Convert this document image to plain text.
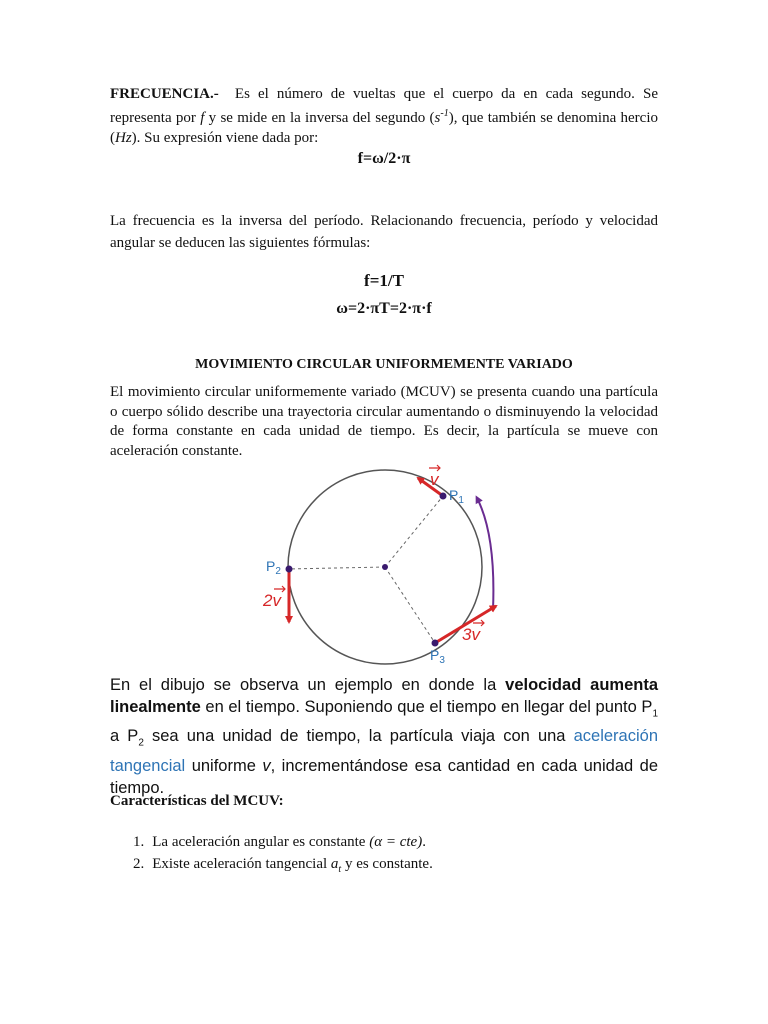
FRECUENCIA.- Es el número de vueltas que el cuerpo da en cada segundo. Se representa por f y se mide en la inversa del segundo $(s^{-1})$, que también se denomina hercio (Hz). Su expresión viene dada por:

f=ω/2·π

La frecuencia es la inversa del período. Relacionando frecuencia, período y velocidad angular se deducen las siguientes fórmulas:

f=1/T
ω=2·πT=2·π·f
MOVIMIENTO CIRCULAR UNIFORMEMENTE VARIADO

El movimiento circular uniformemente variado (MCUV) se presenta cuando una partícula o cuerpo sólido describe una trayectoria circular aumentando o disminuyendo la velocidad de forma constante en cada unidad de tiempo. Es decir, la partícula se mueve con aceleración constante.

$P_1$
$P_2$
$P_3$
v
2v
3v
En el dibujo se observa un ejemplo en donde la velocidad aumenta linealmente en el tiempo. Suponiendo que el tiempo en llegar del punto $P_1$ a $P_2$ sea una unidad de tiempo, la partícula viaja con una aceleración tangencial uniforme v, incrementándose esa cantidad en cada unidad de tiempo.
Características del MCUV:
1. La aceleración angular es constante (α = cte).
2. Existe aceleración tangencial $a_t$ y es constante.
